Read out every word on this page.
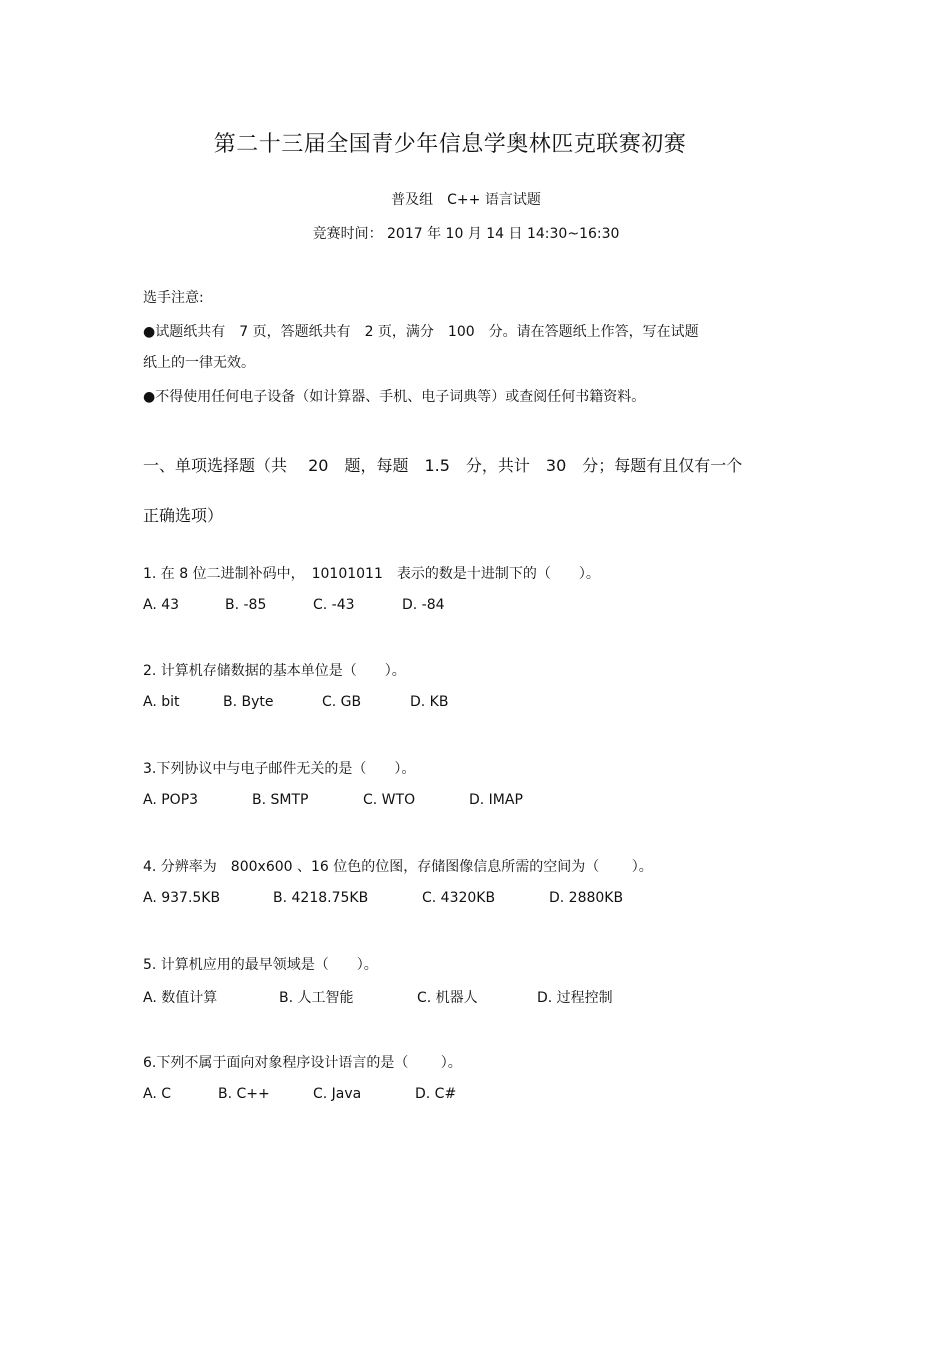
第二十三届全国青少年信息学奥林匹克联赛初赛
普及组　C++ 语言试题
竞赛时间： 2017 年 10 月 14 日 14:30~16:30
选手注意:
●试题纸共有　7 页，答题纸共有　2 页，满分　100　分。请在答题纸上作答，写在试题
纸上的一律无效。
●不得使用任何电子设备（如计算器、手机、电子词典等）或查阅任何书籍资料。
一、单项选择题（共　 20　题，每题　1.5　分，共计　30　分；每题有且仅有一个
正确选项）
1. 在 8 位二进制补码中，　10101011　表示的数是十进制下的（　　）。
A. 43	B. -85	C. -43	D. -84
2. 计算机存储数据的基本单位是（　　）。
A. bit	B. Byte	C. GB	D. KB
3.下列协议中与电子邮件无关的是（　　）。
A. POP3	B. SMTP	C. WTO	D. IMAP
4. 分辨率为　800x600 、16 位色的位图，存储图像信息所需的空间为（　　 ）。
A. 937.5KB	B. 4218.75KB	C. 4320KB	D. 2880KB
5. 计算机应用的最早领域是（　　）。
A. 数值计算	B. 人工智能	C. 机器人	D. 过程控制
6.下列不属于面向对象程序设计语言的是（　　 ）。
A. C	B. C++	C. Java	D. C#
